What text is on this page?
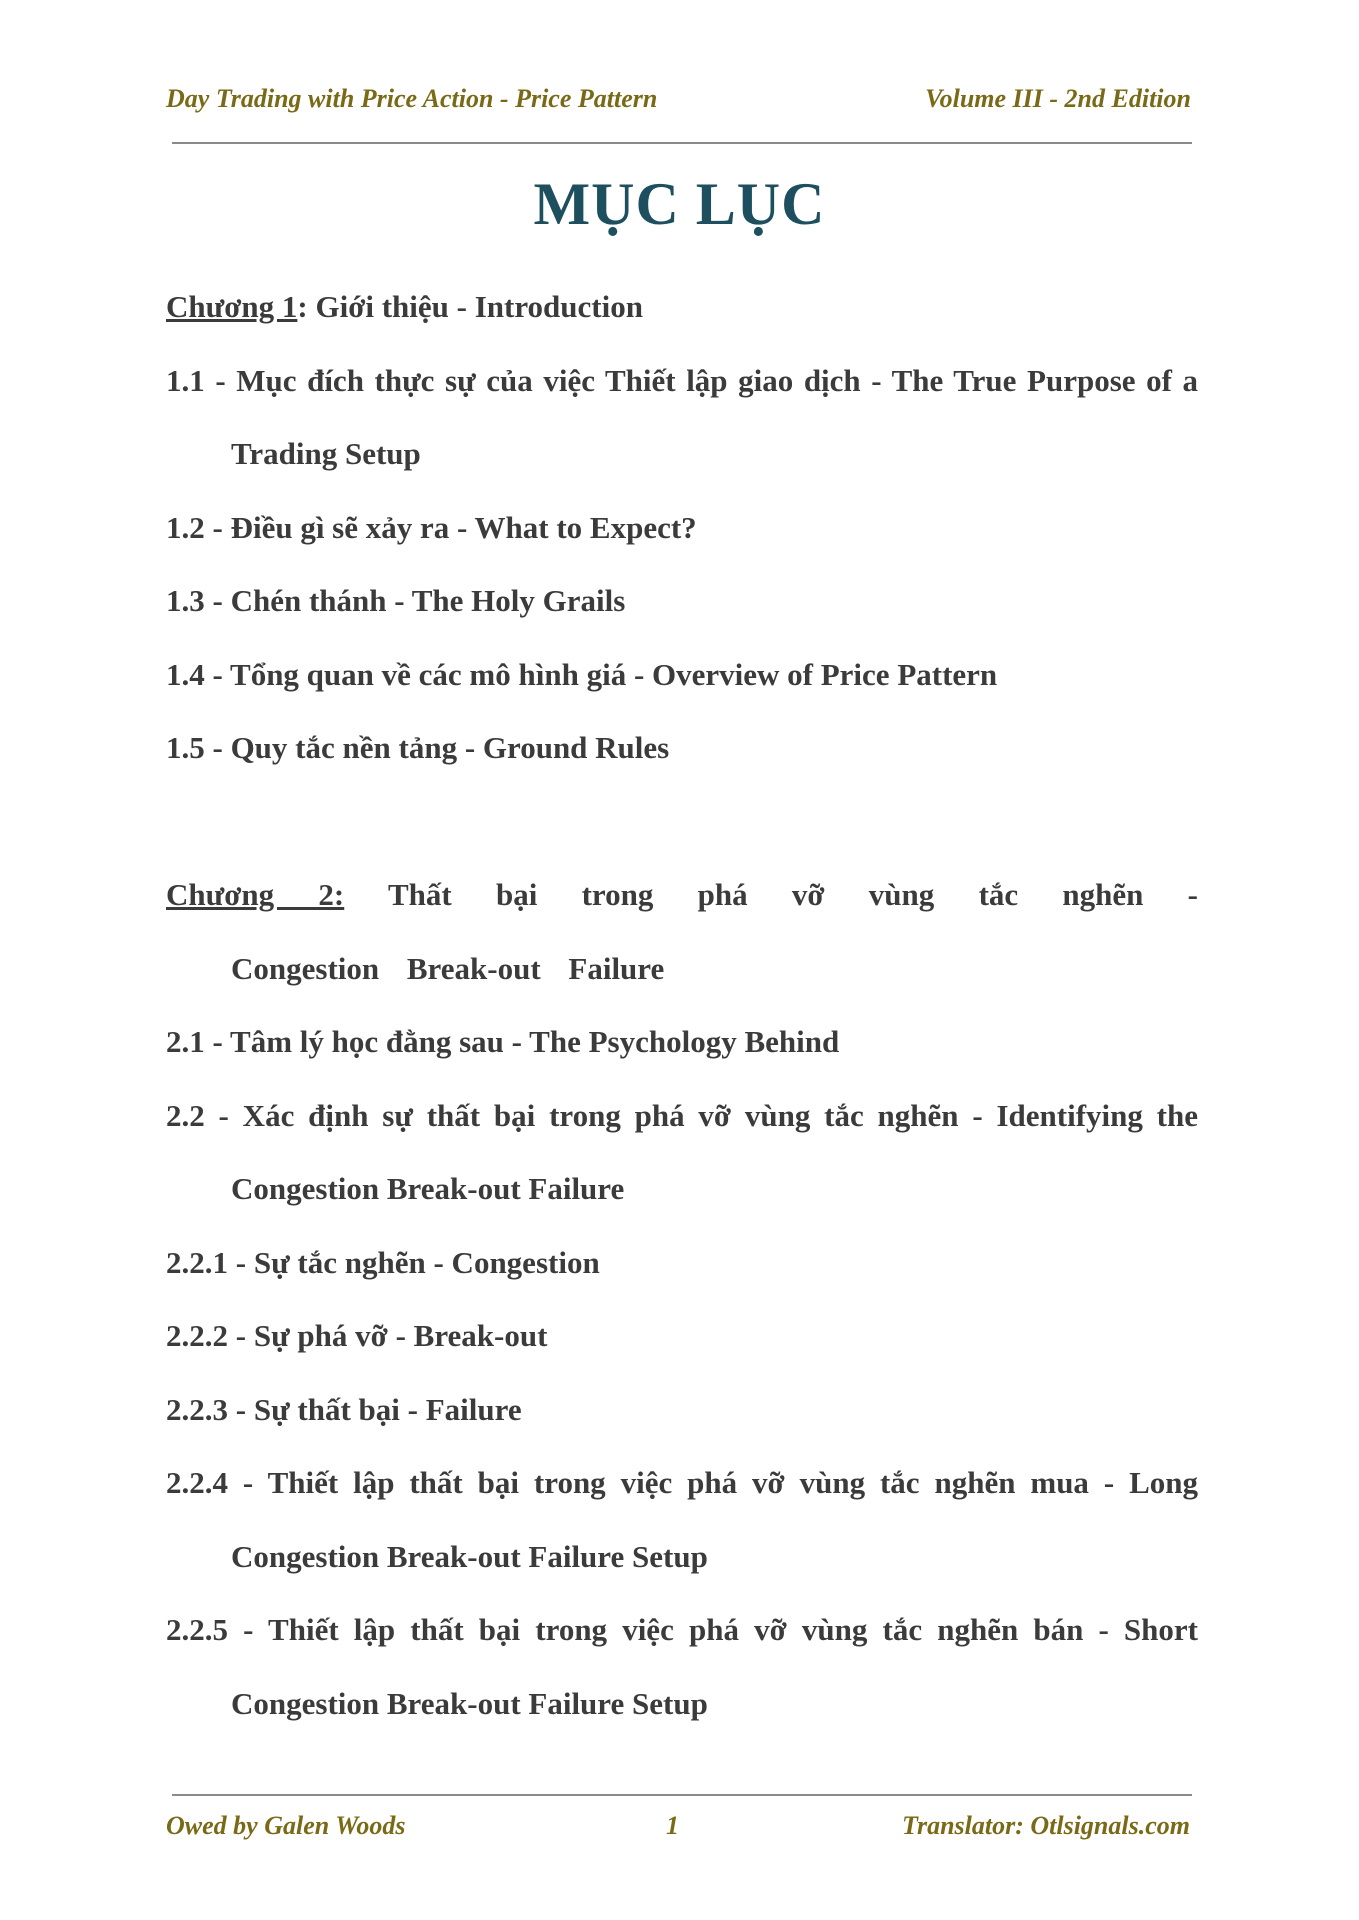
Day Trading with Price Action - Price Pattern	Volume III - 2nd Edition
MỤC LỤC
Chương 1: Giới thiệu - Introduction
1.1 - Mục đích thực sự của việc Thiết lập giao dịch - The True Purpose of a Trading Setup
1.2 - Điều gì sẽ xảy ra - What to Expect?
1.3 - Chén thánh - The Holy Grails
1.4 - Tổng quan về các mô hình giá - Overview of Price Pattern
1.5 - Quy tắc nền tảng - Ground Rules
Chương 2: Thất bại trong phá vỡ vùng tắc nghẽn - Congestion Break-out Failure
2.1 - Tâm lý học đằng sau - The Psychology Behind
2.2 - Xác định sự thất bại trong phá vỡ vùng tắc nghẽn - Identifying the Congestion Break-out Failure
2.2.1 - Sự tắc nghẽn - Congestion
2.2.2 - Sự phá vỡ - Break-out
2.2.3 - Sự thất bại - Failure
2.2.4 - Thiết lập thất bại trong việc phá vỡ vùng tắc nghẽn mua - Long Congestion Break-out Failure Setup
2.2.5 - Thiết lập thất bại trong việc phá vỡ vùng tắc nghẽn bán - Short Congestion Break-out Failure Setup
Owed by Galen Woods	1	Translator: Otlsignals.com
